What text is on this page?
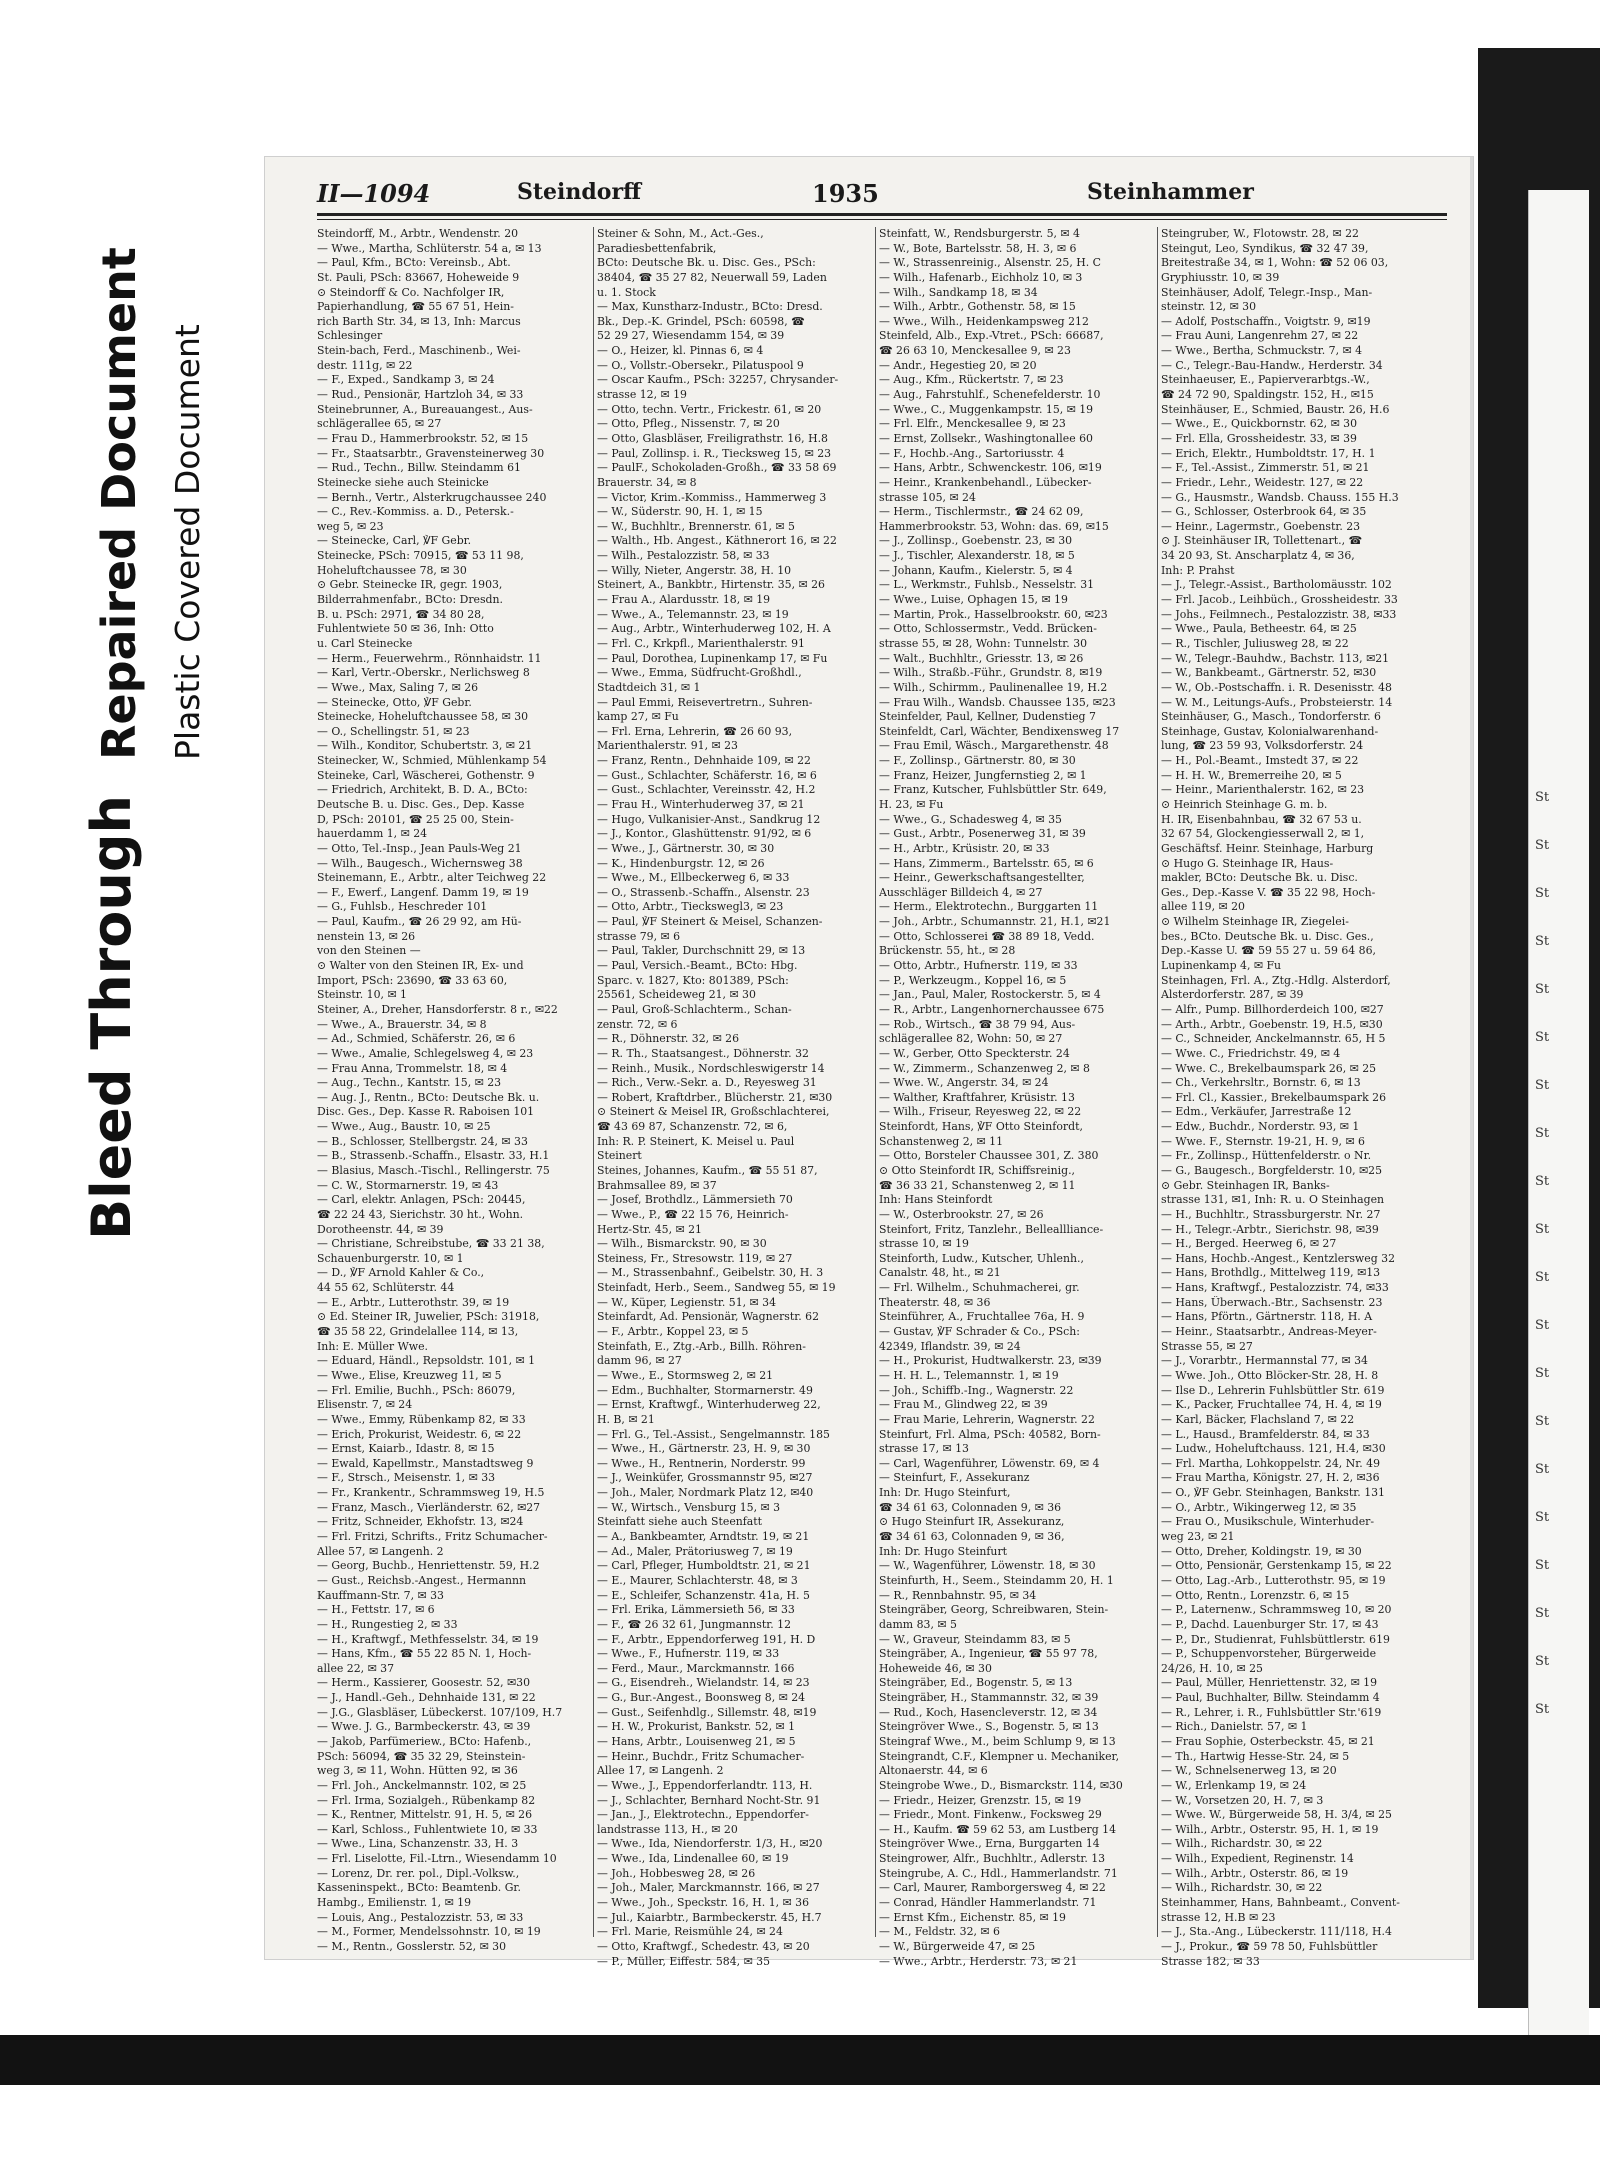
Bleed Through
Repaired Document Plastic Covered Document
St
St
St
St
St
St
St
St
St
St
St
St
St
St
St
St
St
St
St
St
II—1094	Steindorff	1935	Steinhammer
Steindorff, M., Arbtr., Wendenstr. 20
— Wwe., Martha, Schlüterstr. 54 a, ✉ 13
— Paul, Kfm., BCto: Vereinsb., Abt.
St. Pauli, PSch: 83667, Hoheweide 9
⊙ Steindorff & Co. Nachfolger IR,
Papierhandlung, ☎ 55 67 51, Hein-
rich Barth Str. 34, ✉ 13, Inh: Marcus
Schlesinger
Stein-bach, Ferd., Maschinenb., Wei-
destr. 111g, ✉ 22
— F., Exped., Sandkamp 3, ✉ 24
— Rud., Pensionär, Hartzloh 34, ✉ 33
Steinebrunner, A., Bureauangest., Aus-
schlägerallee 65, ✉ 27
— Frau D., Hammerbrookstr. 52, ✉ 15
— Fr., Staatsarbtr., Gravensteinerweg 30
— Rud., Techn., Billw. Steindamm 61
Steinecke siehe auch Steinicke
— Bernh., Vertr., Alsterkrugchaussee 240
— C., Rev.-Kommiss. a. D., Petersk.-
weg 5, ✉ 23
— Steinecke, Carl, ℣F Gebr.
Steinecke, PSch: 70915, ☎ 53 11 98,
Hoheluftchaussee 78, ✉ 30
⊙ Gebr. Steinecke IR, gegr. 1903,
Bilderrahmenfabr., BCto: Dresdn.
B. u. PSch: 2971, ☎ 34 80 28,
Fuhlentwiete 50 ✉ 36, Inh: Otto
u. Carl Steinecke
— Herm., Feuerwehrm., Rönnhaidstr. 11
— Karl, Vertr.-Oberskr., Nerlichsweg 8
— Wwe., Max, Saling 7, ✉ 26
— Steinecke, Otto, ℣F Gebr.
Steinecke, Hoheluftchaussee 58, ✉ 30
— O., Schellingstr. 51, ✉ 23
— Wilh., Konditor, Schubertstr. 3, ✉ 21
Steinecker, W., Schmied, Mühlenkamp 54
Steineke, Carl, Wäscherei, Gothenstr. 9
— Friedrich, Architekt, B. D. A., BCto:
Deutsche B. u. Disc. Ges., Dep. Kasse
D, PSch: 20101, ☎ 25 25 00, Stein-
hauerdamm 1, ✉ 24
— Otto, Tel.-Insp., Jean Pauls-Weg 21
— Wilh., Baugesch., Wichernsweg 38
Steinemann, E., Arbtr., alter Teichweg 22
— F., Ewerf., Langenf. Damm 19, ✉ 19
— G., Fuhlsb., Heschreder 101
— Paul, Kaufm., ☎ 26 29 92, am Hü-
nenstein 13, ✉ 26
von den Steinen —
⊙ Walter von den Steinen IR, Ex- und
Import, PSch: 23690, ☎ 33 63 60,
Steinstr. 10, ✉ 1
Steiner, A., Dreher, Hansdorferstr. 8 r., ✉22
— Wwe., A., Brauerstr. 34, ✉ 8
— Ad., Schmied, Schäferstr. 26, ✉ 6
— Wwe., Amalie, Schlegelsweg 4, ✉ 23
— Frau Anna, Trommelstr. 18, ✉ 4
— Aug., Techn., Kantstr. 15, ✉ 23
— Aug. J., Rentn., BCto: Deutsche Bk. u.
Disc. Ges., Dep. Kasse R. Raboisen 101
— Wwe., Aug., Baustr. 10, ✉ 25
— B., Schlosser, Stellbergstr. 24, ✉ 33
— B., Strassenb.-Schaffn., Elsastr. 33, H.1
— Blasius, Masch.-Tischl., Rellingerstr. 75
— C. W., Stormarnerstr. 19, ✉ 43
— Carl, elektr. Anlagen, PSch: 20445,
☎ 22 24 43, Sierichstr. 30 ht., Wohn.
Dorotheenstr. 44, ✉ 39
— Christiane, Schreibstube, ☎ 33 21 38,
Schauenburgerstr. 10, ✉ 1
— D., ℣F Arnold Kahler & Co.,
44 55 62, Schlüterstr. 44
— E., Arbtr., Lutterothstr. 39, ✉ 19
⊙ Ed. Steiner IR, Juwelier, PSch: 31918,
☎ 35 58 22, Grindelallee 114, ✉ 13,
Inh: E. Müller Wwe.
— Eduard, Händl., Repsoldstr. 101, ✉ 1
— Wwe., Elise, Kreuzweg 11, ✉ 5
— Frl. Emilie, Buchh., PSch: 86079,
Elisenstr. 7, ✉ 24
— Wwe., Emmy, Rübenkamp 82, ✉ 33
— Erich, Prokurist, Weidestr. 6, ✉ 22
— Ernst, Kaiarb., Idastr. 8, ✉ 15
— Ewald, Kapellmstr., Manstadtsweg 9
— F., Strsch., Meisenstr. 1, ✉ 33
— Fr., Krankentr., Schrammsweg 19, H.5
— Franz, Masch., Vierländerstr. 62, ✉27
— Fritz, Schneider, Ekhofstr. 13, ✉24
— Frl. Fritzi, Schrifts., Fritz Schumacher-
Allee 57, ✉ Langenh. 2
— Georg, Buchb., Henriettenstr. 59, H.2
— Gust., Reichsb.-Angest., Hermannn
Kauffmann-Str. 7, ✉ 33
— H., Fettstr. 17, ✉ 6
— H., Rungestieg 2, ✉ 33
— H., Kraftwgf., Methfesselstr. 34, ✉ 19
— Hans, Kfm., ☎ 55 22 85 N. 1, Hoch-
allee 22, ✉ 37
— Herm., Kassierer, Goosestr. 52, ✉30
— J., Handl.-Geh., Dehnhaide 131, ✉ 22
— J.G., Glasbläser, Lübeckerst. 107/109, H.7
— Wwe. J. G., Barmbeckerstr. 43, ✉ 39
— Jakob, Parfümeriew., BCto: Hafenb.,
PSch: 56094, ☎ 35 32 29, Steinstein-
weg 3, ✉ 11, Wohn. Hütten 92, ✉ 36
— Frl. Joh., Anckelmannstr. 102, ✉ 25
— Frl. Irma, Sozialgeh., Rübenkamp 82
— K., Rentner, Mittelstr. 91, H. 5, ✉ 26
— Karl, Schloss., Fuhlentwiete 10, ✉ 33
— Wwe., Lina, Schanzenstr. 33, H. 3
— Frl. Liselotte, Fil.-Ltrn., Wiesendamm 10
— Lorenz, Dr. rer. pol., Dipl.-Volksw.,
Kasseninspekt., BCto: Beamtenb. Gr.
Hambg., Emilienstr. 1, ✉ 19
— Louis, Ang., Pestalozzistr. 53, ✉ 33
— M., Former, Mendelssohnstr. 10, ✉ 19
— M., Rentn., Gosslerstr. 52, ✉ 30
Steiner & Sohn, M., Act.-Ges.,
Paradiesbettenfabrik,
BCto: Deutsche Bk. u. Disc. Ges., PSch:
38404, ☎ 35 27 82, Neuerwall 59, Laden
u. 1. Stock
— Max, Kunstharz-Industr., BCto: Dresd.
Bk., Dep.-K. Grindel, PSch: 60598, ☎
52 29 27, Wiesendamm 154, ✉ 39
— O., Heizer, kl. Pinnas 6, ✉ 4
— O., Vollstr.-Obersekr., Pilatuspool 9
— Oscar Kaufm., PSch: 32257, Chrysander-
strasse 12, ✉ 19
— Otto, techn. Vertr., Frickestr. 61, ✉ 20
— Otto, Pfleg., Nissenstr. 7, ✉ 20
— Otto, Glasbläser, Freiligrathstr. 16, H.8
— Paul, Zollinsp. i. R., Tiecksweg 15, ✉ 23
— PaulF., Schokoladen-Großh., ☎ 33 58 69
Brauerstr. 34, ✉ 8
— Victor, Krim.-Kommiss., Hammerweg 3
— W., Süderstr. 90, H. 1, ✉ 15
— W., Buchhltr., Brennerstr. 61, ✉ 5
— Walth., Hb. Angest., Käthnerort 16, ✉ 22
— Wilh., Pestalozzistr. 58, ✉ 33
— Willy, Nieter, Angerstr. 38, H. 10
Steinert, A., Bankbtr., Hirtenstr. 35, ✉ 26
— Frau A., Alardusstr. 18, ✉ 19
— Wwe., A., Telemannstr. 23, ✉ 19
— Aug., Arbtr., Winterhuderweg 102, H. A
— Frl. C., Krkpfl., Marienthalerstr. 91
— Paul, Dorothea, Lupinenkamp 17, ✉ Fu
— Wwe., Emma, Südfrucht-Großhdl.,
Stadtdeich 31, ✉ 1
— Paul Emmi, Reisevertretrn., Suhren-
kamp 27, ✉ Fu
— Frl. Erna, Lehrerin, ☎ 26 60 93,
Marienthalerstr. 91, ✉ 23
— Franz, Rentn., Dehnhaide 109, ✉ 22
— Gust., Schlachter, Schäferstr. 16, ✉ 6
— Gust., Schlachter, Vereinsstr. 42, H.2
— Frau H., Winterhuderweg 37, ✉ 21
— Hugo, Vulkanisier-Anst., Sandkrug 12
— J., Kontor., Glashüttenstr. 91/92, ✉ 6
— Wwe., J., Gärtnerstr. 30, ✉ 30
— K., Hindenburgstr. 12, ✉ 26
— Wwe., M., Ellbeckerweg 6, ✉ 33
— O., Strassenb.-Schaffn., Alsenstr. 23
— Otto, Arbtr., Tieckswegl3, ✉ 23
— Paul, ℣F Steinert & Meisel, Schanzen-
strasse 79, ✉ 6
— Paul, Takler, Durchschnitt 29, ✉ 13
— Paul, Versich.-Beamt., BCto: Hbg.
Sparc. v. 1827, Kto: 801389, PSch:
25561, Scheideweg 21, ✉ 30
— Paul, Groß-Schlachterm., Schan-
zenstr. 72, ✉ 6
— R., Döhnerstr. 32, ✉ 26
— R. Th., Staatsangest., Döhnerstr. 32
— Reinh., Musik., Nordschleswigerstr 14
— Rich., Verw.-Sekr. a. D., Reyesweg 31
— Robert, Kraftdrber., Blücherstr. 21, ✉30
⊙ Steinert & Meisel IR, Großschlachterei,
☎ 43 69 87, Schanzenstr. 72, ✉ 6,
Inh: R. P. Steinert, K. Meisel u. Paul
Steinert
Steines, Johannes, Kaufm., ☎ 55 51 87,
Brahmsallee 89, ✉ 37
— Josef, Brothdlz., Lämmersieth 70
— Wwe., P., ☎ 22 15 76, Heinrich-
Hertz-Str. 45, ✉ 21
— Wilh., Bismarckstr. 90, ✉ 30
Steiness, Fr., Stresowstr. 119, ✉ 27
— M., Strassenbahnf., Geibelstr. 30, H. 3
Steinfadt, Herb., Seem., Sandweg 55, ✉ 19
— W., Küper, Legienstr. 51, ✉ 34
Steinfardt, Ad. Pensionär, Wagnerstr. 62
— F., Arbtr., Koppel 23, ✉ 5
Steinfath, E., Ztg.-Arb., Billh. Röhren-
damm 96, ✉ 27
— Wwe., E., Stormsweg 2, ✉ 21
— Edm., Buchhalter, Stormarnerstr. 49
— Ernst, Kraftwgf., Winterhuderweg 22,
H. B, ✉ 21
— Frl. G., Tel.-Assist., Sengelmannstr. 185
— Wwe., H., Gärtnerstr. 23, H. 9, ✉ 30
— Wwe., H., Rentnerin, Norderstr. 99
— J., Weinküfer, Grossmannstr 95, ✉27
— Joh., Maler, Nordmark Platz 12, ✉40
— W., Wirtsch., Vensburg 15, ✉ 3
Steinfatt siehe auch Steenfatt
— A., Bankbeamter, Arndtstr. 19, ✉ 21
— Ad., Maler, Prätoriusweg 7, ✉ 19
— Carl, Pfleger, Humboldtstr. 21, ✉ 21
— E., Maurer, Schlachterstr. 48, ✉ 3
— E., Schleifer, Schanzenstr. 41a, H. 5
— Frl. Erika, Lämmersieth 56, ✉ 33
— F., ☎ 26 32 61, Jungmannstr. 12
— F., Arbtr., Eppendorferweg 191, H. D
— Wwe., F., Hufnerstr. 119, ✉ 33
— Ferd., Maur., Marckmannstr. 166
— G., Eisendreh., Wielandstr. 14, ✉ 23
— G., Bur.-Angest., Boonsweg 8, ✉ 24
— Gust., Seifenhdlg., Sillemstr. 48, ✉19
— H. W., Prokurist, Bankstr. 52, ✉ 1
— Hans, Arbtr., Louisenweg 21, ✉ 5
— Heinr., Buchdr., Fritz Schumacher-
Allee 17, ✉ Langenh. 2
— Wwe., J., Eppendorferlandtr. 113, H.
— J., Schlachter, Bernhard Nocht-Str. 91
— Jan., J., Elektrotechn., Eppendorfer-
landstrasse 113, H., ✉ 20
— Wwe., Ida, Niendorferstr. 1/3, H., ✉20
— Wwe., Ida, Lindenallee 60, ✉ 19
— Joh., Hobbesweg 28, ✉ 26
— Joh., Maler, Marckmannstr. 166, ✉ 27
— Wwe., Joh., Speckstr. 16, H. 1, ✉ 36
— Jul., Kaiarbtr., Barmbeckerstr. 45, H.7
— Frl. Marie, Reismühle 24, ✉ 24
— Otto, Kraftwgf., Schedestr. 43, ✉ 20
— P., Müller, Eiffestr. 584, ✉ 35
Steinfatt, W., Rendsburgerstr. 5, ✉ 4
— W., Bote, Bartelsstr. 58, H. 3, ✉ 6
— W., Strassenreinig., Alsenstr. 25, H. C
— Wilh., Hafenarb., Eichholz 10, ✉ 3
— Wilh., Sandkamp 18, ✉ 34
— Wilh., Arbtr., Gothenstr. 58, ✉ 15
— Wwe., Wilh., Heidenkampsweg 212
Steinfeld, Alb., Exp.-Vtret., PSch: 66687,
☎ 26 63 10, Menckesallee 9, ✉ 23
— Andr., Hegestieg 20, ✉ 20
— Aug., Kfm., Rückertstr. 7, ✉ 23
— Aug., Fahrstuhlf., Schenefelderstr. 10
— Wwe., C., Muggenkampstr. 15, ✉ 19
— Frl. Elfr., Menckesallee 9, ✉ 23
— Ernst, Zollsekr., Washingtonallee 60
— F., Hochb.-Ang., Sartoriusstr. 4
— Hans, Arbtr., Schwenckestr. 106, ✉19
— Heinr., Krankenbehandl., Lübecker-
strasse 105, ✉ 24
— Herm., Tischlermstr., ☎ 24 62 09,
Hammerbrookstr. 53, Wohn: das. 69, ✉15
— J., Zollinsp., Goebenstr. 23, ✉ 30
— J., Tischler, Alexanderstr. 18, ✉ 5
— Johann, Kaufm., Kielerstr. 5, ✉ 4
— L., Werkmstr., Fuhlsb., Nesselstr. 31
— Wwe., Luise, Ophagen 15, ✉ 19
— Martin, Prok., Hasselbrookstr. 60, ✉23
— Otto, Schlossermstr., Vedd. Brücken-
strasse 55, ✉ 28, Wohn: Tunnelstr. 30
— Walt., Buchhltr., Griesstr. 13, ✉ 26
— Wilh., Straßb.-Führ., Grundstr. 8, ✉19
— Wilh., Schirmm., Paulinenallee 19, H.2
— Frau Wilh., Wandsb. Chaussee 135, ✉23
Steinfelder, Paul, Kellner, Dudenstieg 7
Steinfeldt, Carl, Wächter, Bendixensweg 17
— Frau Emil, Wäsch., Margarethenstr. 48
— F., Zollinsp., Gärtnerstr. 80, ✉ 30
— Franz, Heizer, Jungfernstieg 2, ✉ 1
— Franz, Kutscher, Fuhlsbüttler Str. 649,
H. 23, ✉ Fu
— Wwe., G., Schadesweg 4, ✉ 35
— Gust., Arbtr., Posenerweg 31, ✉ 39
— H., Arbtr., Krüsistr. 20, ✉ 33
— Hans, Zimmerm., Bartelsstr. 65, ✉ 6
— Heinr., Gewerkschaftsangestellter,
Ausschläger Billdeich 4, ✉ 27
— Herm., Elektrotechn., Burggarten 11
— Joh., Arbtr., Schumannstr. 21, H.1, ✉21
— Otto, Schlosserei ☎ 38 89 18, Vedd.
Brückenstr. 55, ht., ✉ 28
— Otto, Arbtr., Hufnerstr. 119, ✉ 33
— P., Werkzeugm., Koppel 16, ✉ 5
— Jan., Paul, Maler, Rostockerstr. 5, ✉ 4
— R., Arbtr., Langenhornerchaussee 675
— Rob., Wirtsch., ☎ 38 79 94, Aus-
schlägerallee 82, Wohn: 50, ✉ 27
— W., Gerber, Otto Speckterstr. 24
— W., Zimmerm., Schanzenweg 2, ✉ 8
— Wwe. W., Angerstr. 34, ✉ 24
— Walther, Kraftfahrer, Krüsistr. 13
— Wilh., Friseur, Reyesweg 22, ✉ 22
Steinfordt, Hans, ℣F Otto Steinfordt,
Schanstenweg 2, ✉ 11
— Otto, Borsteler Chaussee 301, Z. 380
⊙ Otto Steinfordt IR, Schiffsreinig.,
☎ 36 33 21, Schanstenweg 2, ✉ 11
Inh: Hans Steinfordt
— W., Osterbrookstr. 27, ✉ 26
Steinfort, Fritz, Tanzlehr., Belleallliance-
strasse 10, ✉ 19
Steinforth, Ludw., Kutscher, Uhlenh.,
Canalstr. 48, ht., ✉ 21
— Frl. Wilhelm., Schuhmacherei, gr.
Theaterstr. 48, ✉ 36
Steinführer, A., Fruchtallee 76a, H. 9
— Gustav, ℣F Schrader & Co., PSch:
42349, Iflandstr. 39, ✉ 24
— H., Prokurist, Hudtwalkerstr. 23, ✉39
— H. H. L., Telemannstr. 1, ✉ 19
— Joh., Schiffb.-Ing., Wagnerstr. 22
— Frau M., Glindweg 22, ✉ 39
— Frau Marie, Lehrerin, Wagnerstr. 22
Steinfurt, Frl. Alma, PSch: 40582, Born-
strasse 17, ✉ 13
— Carl, Wagenführer, Löwenstr. 69, ✉ 4
— Steinfurt, F., Assekuranz
Inh: Dr. Hugo Steinfurt,
☎ 34 61 63, Colonnaden 9, ✉ 36
⊙ Hugo Steinfurt IR, Assekuranz,
☎ 34 61 63, Colonnaden 9, ✉ 36,
Inh: Dr. Hugo Steinfurt
— W., Wagenführer, Löwenstr. 18, ✉ 30
Steinfurth, H., Seem., Steindamm 20, H. 1
— R., Rennbahnstr. 95, ✉ 34
Steingräber, Georg, Schreibwaren, Stein-
damm 83, ✉ 5
— W., Graveur, Steindamm 83, ✉ 5
Steingräber, A., Ingenieur, ☎ 55 97 78,
Hoheweide 46, ✉ 30
Steingräber, Ed., Bogenstr. 5, ✉ 13
Steingräber, H., Stammannstr. 32, ✉ 39
— Rud., Koch, Hasencleverstr. 12, ✉ 34
Steingröver Wwe., S., Bogenstr. 5, ✉ 13
Steingraf Wwe., M., beim Schlump 9, ✉ 13
Steingrandt, C.F., Klempner u. Mechaniker,
Altonaerstr. 44, ✉ 6
Steingrobe Wwe., D., Bismarckstr. 114, ✉30
— Friedr., Heizer, Grenzstr. 15, ✉ 19
— Friedr., Mont. Finkenw., Focksweg 29
— H., Kaufm. ☎ 59 62 53, am Lustberg 14
Steingröver Wwe., Erna, Burggarten 14
Steingrower, Alfr., Buchhltr., Adlerstr. 13
Steingrube, A. C., Hdl., Hammerlandstr. 71
— Carl, Maurer, Ramborgersweg 4, ✉ 22
— Conrad, Händler Hammerlandstr. 71
— Ernst Kfm., Eichenstr. 85, ✉ 19
— M., Feldstr. 32, ✉ 6
— W., Bürgerweide 47, ✉ 25
— Wwe., Arbtr., Herderstr. 73, ✉ 21
Steingruber, W., Flotowstr. 28, ✉ 22
Steingut, Leo, Syndikus, ☎ 32 47 39,
Breitestraße 34, ✉ 1, Wohn: ☎ 52 06 03,
Gryphiusstr. 10, ✉ 39
Steinhäuser, Adolf, Telegr.-Insp., Man-
steinstr. 12, ✉ 30
— Adolf, Postschaffn., Voigtstr. 9, ✉19
— Frau Auni, Langenrehm 27, ✉ 22
— Wwe., Bertha, Schmuckstr. 7, ✉ 4
— C., Telegr.-Bau-Handw., Herderstr. 34
Steinhaeuser, E., Papierverarbtgs.-W.,
☎ 24 72 90, Spaldingstr. 152, H., ✉15
Steinhäuser, E., Schmied, Baustr. 26, H.6
— Wwe., E., Quickbornstr. 62, ✉ 30
— Frl. Ella, Grossheidestr. 33, ✉ 39
— Erich, Elektr., Humboldtstr. 17, H. 1
— F., Tel.-Assist., Zimmerstr. 51, ✉ 21
— Friedr., Lehr., Weidestr. 127, ✉ 22
— G., Hausmstr., Wandsb. Chauss. 155 H.3
— G., Schlosser, Osterbrook 64, ✉ 35
— Heinr., Lagermstr., Goebenstr. 23
⊙ J. Steinhäuser IR, Tollettenart., ☎
34 20 93, St. Anscharplatz 4, ✉ 36,
Inh: P. Prahst
— J., Telegr.-Assist., Bartholomäusstr. 102
— Frl. Jacob., Leihbüch., Grossheidestr. 33
— Johs., Feilmnech., Pestalozzistr. 38, ✉33
— Wwe., Paula, Betheestr. 64, ✉ 25
— R., Tischler, Juliusweg 28, ✉ 22
— W., Telegr.-Bauhdw., Bachstr. 113, ✉21
— W., Bankbeamt., Gärtnerstr. 52, ✉30
— W., Ob.-Postschaffn. i. R. Desenisstr. 48
— W. M., Leitungs-Aufs., Probsteierstr. 14
Steinhäuser, G., Masch., Tondorferstr. 6
Steinhage, Gustav, Kolonialwarenhand-
lung, ☎ 23 59 93, Volksdorferstr. 24
— H., Pol.-Beamt., Imstedt 37, ✉ 22
— H. H. W., Bremerreihe 20, ✉ 5
— Heinr., Marienthalerstr. 162, ✉ 23
⊙ Heinrich Steinhage G. m. b.
H. IR, Eisenbahnbau, ☎ 32 67 53 u.
32 67 54, Glockengiesserwall 2, ✉ 1,
Geschäftsf. Heinr. Steinhage, Harburg
⊙ Hugo G. Steinhage IR, Haus-
makler, BCto: Deutsche Bk. u. Disc.
Ges., Dep.-Kasse V. ☎ 35 22 98, Hoch-
allee 119, ✉ 20
⊙ Wilhelm Steinhage IR, Ziegelei-
bes., BCto. Deutsche Bk. u. Disc. Ges.,
Dep.-Kasse U. ☎ 59 55 27 u. 59 64 86,
Lupinenkamp 4, ✉ Fu
Steinhagen, Frl. A., Ztg.-Hdlg. Alsterdorf,
Alsterdorferstr. 287, ✉ 39
— Alfr., Pump. Billhorderdeich 100, ✉27
— Arth., Arbtr., Goebenstr. 19, H.5, ✉30
— C., Schneider, Anckelmannstr. 65, H 5
— Wwe. C., Friedrichstr. 49, ✉ 4
— Wwe. C., Brekelbaumspark 26, ✉ 25
— Ch., Verkehrsltr., Bornstr. 6, ✉ 13
— Frl. Cl., Kassier., Brekelbaumspark 26
— Edm., Verkäufer, Jarrestraße 12
— Edw., Buchdr., Norderstr. 93, ✉ 1
— Wwe. F., Sternstr. 19-21, H. 9, ✉ 6
— Fr., Zollinsp., Hüttenfelderstr. o Nr.
— G., Baugesch., Borgfelderstr. 10, ✉25
⊙ Gebr. Steinhagen IR, Banks-
strasse 131, ✉1, Inh: R. u. O Steinhagen
— H., Buchhltr., Strassburgerstr. Nr. 27
— H., Telegr.-Arbtr., Sierichstr. 98, ✉39
— H., Berged. Heerweg 6, ✉ 27
— Hans, Hochb.-Angest., Kentzlersweg 32
— Hans, Brothdlg., Mittelweg 119, ✉13
— Hans, Kraftwgf., Pestalozzistr. 74, ✉33
— Hans, Überwach.-Btr., Sachsenstr. 23
— Hans, Pförtn., Gärtnerstr. 118, H. A
— Heinr., Staatsarbtr., Andreas-Meyer-
Strasse 55, ✉ 27
— J., Vorarbtr., Hermannstal 77, ✉ 34
— Wwe. Joh., Otto Blöcker-Str. 28, H. 8
— Ilse D., Lehrerin Fuhlsbüttler Str. 619
— K., Packer, Fruchtallee 74, H. 4, ✉ 19
— Karl, Bäcker, Flachsland 7, ✉ 22
— L., Hausd., Bramfelderstr. 84, ✉ 33
— Ludw., Hoheluftchauss. 121, H.4, ✉30
— Frl. Martha, Lohkoppelstr. 24, Nr. 49
— Frau Martha, Königstr. 27, H. 2, ✉36
— O., ℣F Gebr. Steinhagen, Bankstr. 131
— O., Arbtr., Wikingerweg 12, ✉ 35
— Frau O., Musikschule, Winterhuder-
weg 23, ✉ 21
— Otto, Dreher, Koldingstr. 19, ✉ 30
— Otto, Pensionär, Gerstenkamp 15, ✉ 22
— Otto, Lag.-Arb., Lutterothstr. 95, ✉ 19
— Otto, Rentn., Lorenzstr. 6, ✉ 15
— P., Laternenw., Schrammsweg 10, ✉ 20
— P., Dachd. Lauenburger Str. 17, ✉ 43
— P., Dr., Studienrat, Fuhlsbüttlerstr. 619
— P., Schuppenvorsteher, Bürgerweide
24/26, H. 10, ✉ 25
— Paul, Müller, Henriettenstr. 32, ✉ 19
— Paul, Buchhalter, Billw. Steindamm 4
— R., Lehrer, i. R., Fuhlsbüttler Str.'619
— Rich., Danielstr. 57, ✉ 1
— Frau Sophie, Osterbeckstr. 45, ✉ 21
— Th., Hartwig Hesse-Str. 24, ✉ 5
— W., Schnelsenerweg 13, ✉ 20
— W., Erlenkamp 19, ✉ 24
— W., Vorsetzen 20, H. 7, ✉ 3
— Wwe. W., Bürgerweide 58, H. 3/4, ✉ 25
— Wilh., Arbtr., Osterstr. 95, H. 1, ✉ 19
— Wilh., Richardstr. 30, ✉ 22
— Wilh., Expedient, Reginenstr. 14
— Wilh., Arbtr., Osterstr. 86, ✉ 19
— Wilh., Richardstr. 30, ✉ 22
Steinhammer, Hans, Bahnbeamt., Convent-
strasse 12, H.B ✉ 23
— J., Sta.-Ang., Lübeckerstr. 111/118, H.4
— J., Prokur., ☎ 59 78 50, Fuhlsbüttler
Strasse 182, ✉ 33
